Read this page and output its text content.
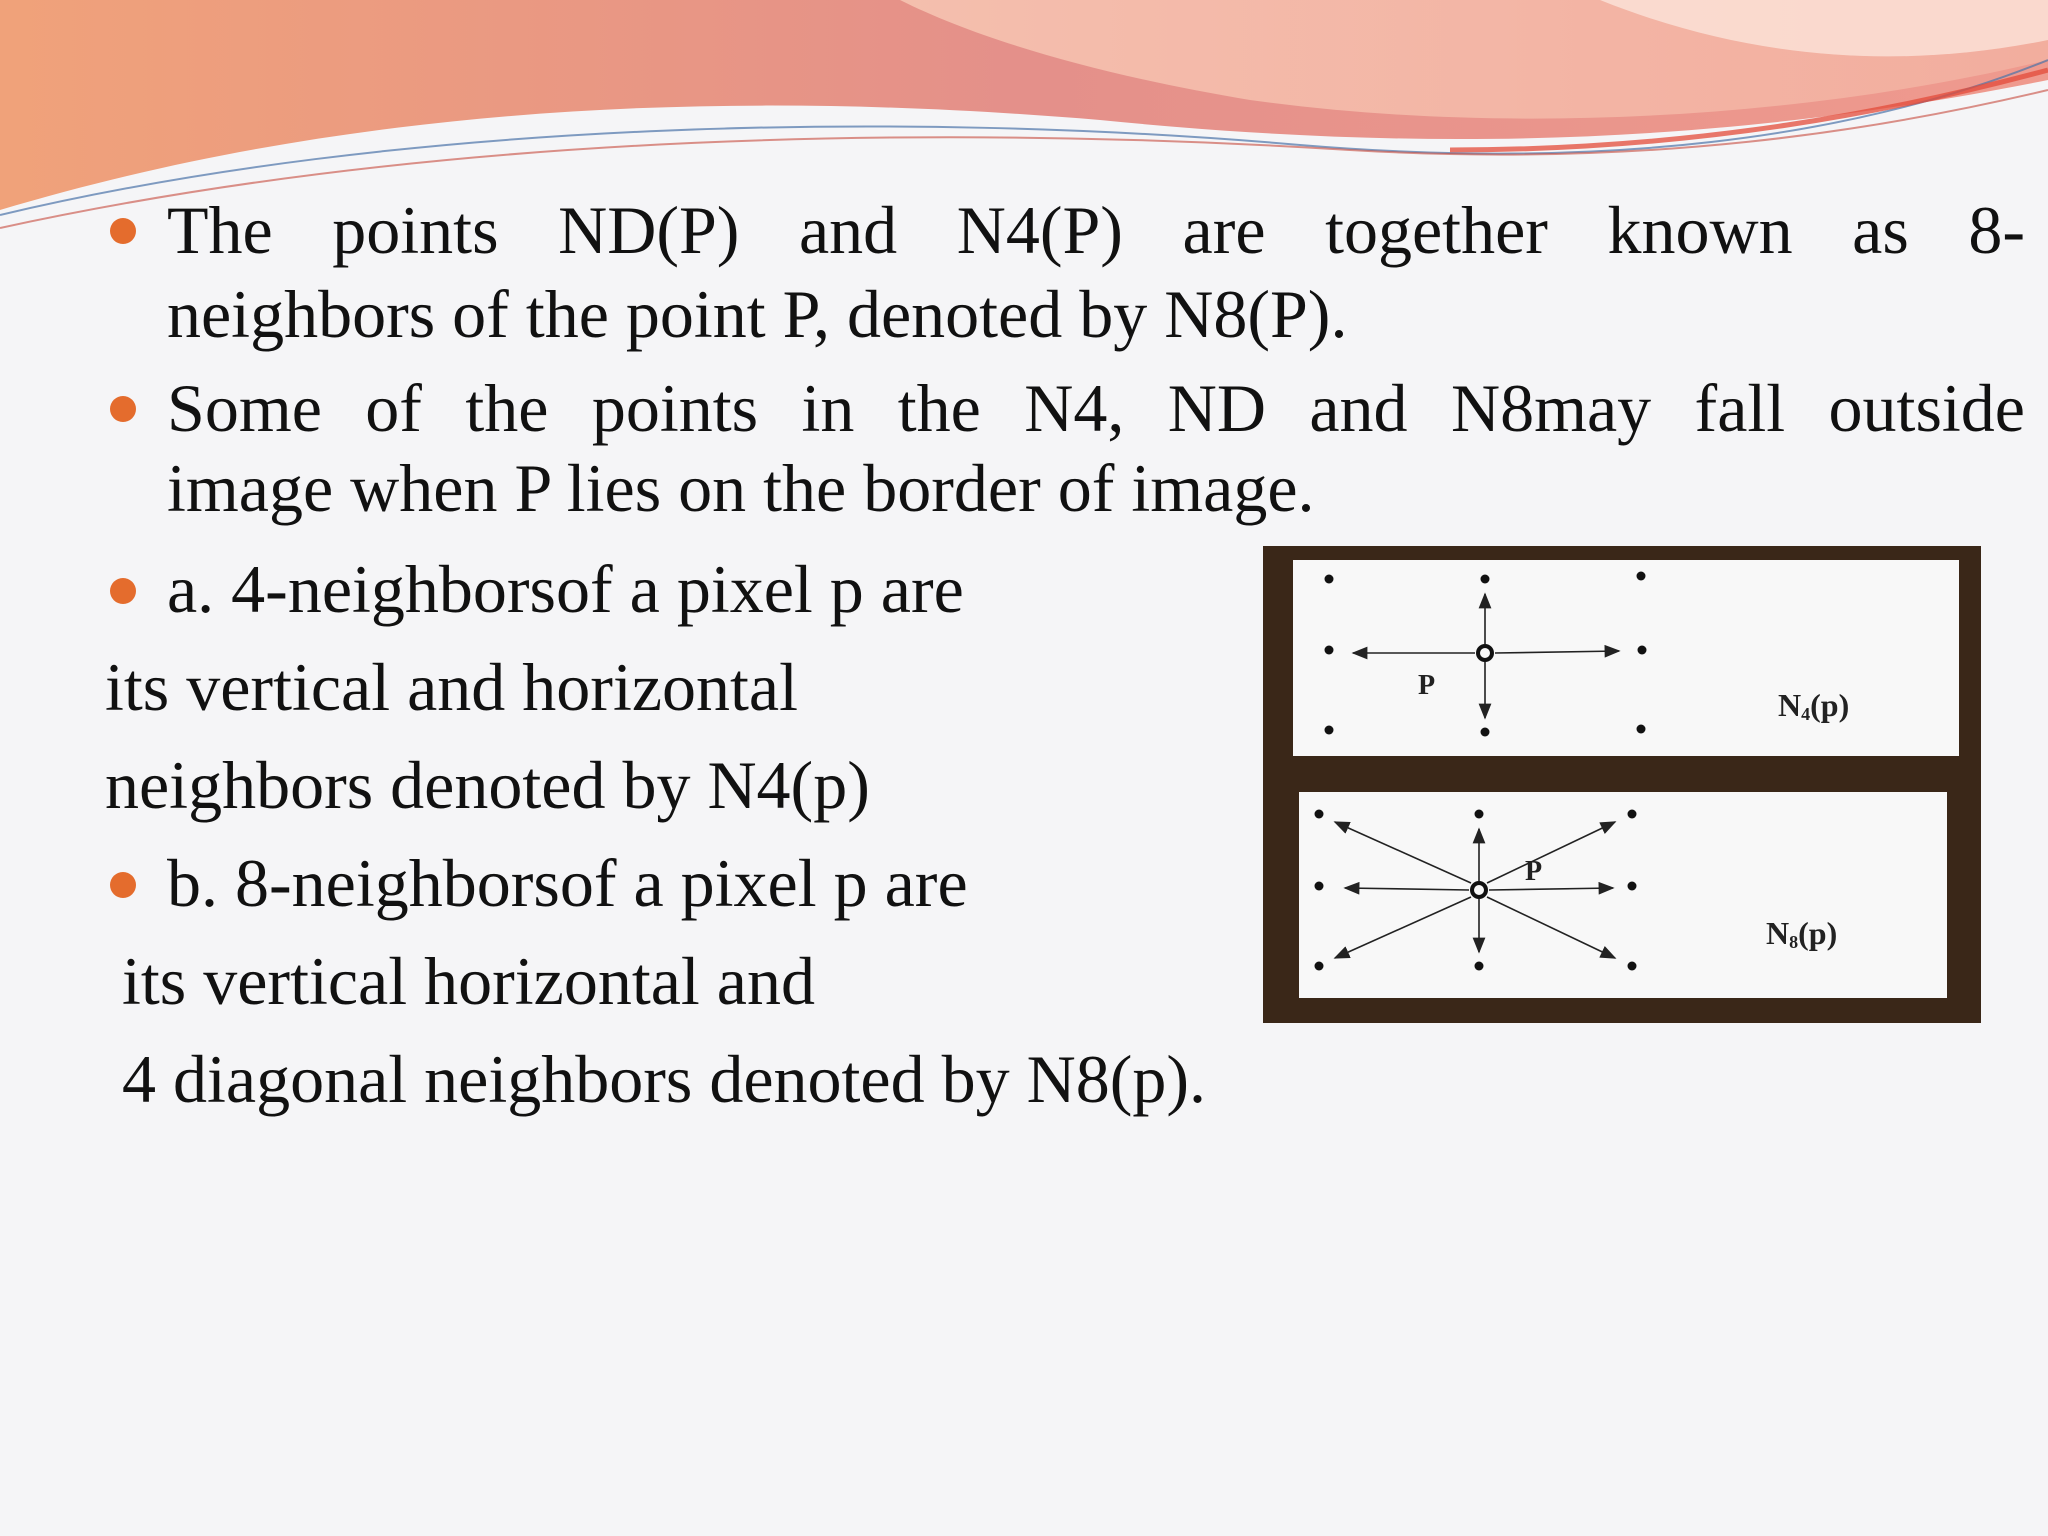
The points ND(P) and N4(P) are together known as 8-
neighbors of the point P, denoted by N8(P).
Some of the points in the N4, ND and N8may fall outside
image when P lies on the border of image.
a. 4-neighborsof a pixel p are
its vertical and horizontal
neighbors denoted by N4(p)
b. 8-neighborsof a pixel p are
its vertical horizontal and
4 diagonal neighbors denoted by N8(p).
P
N4(p)
P
N8(p)
